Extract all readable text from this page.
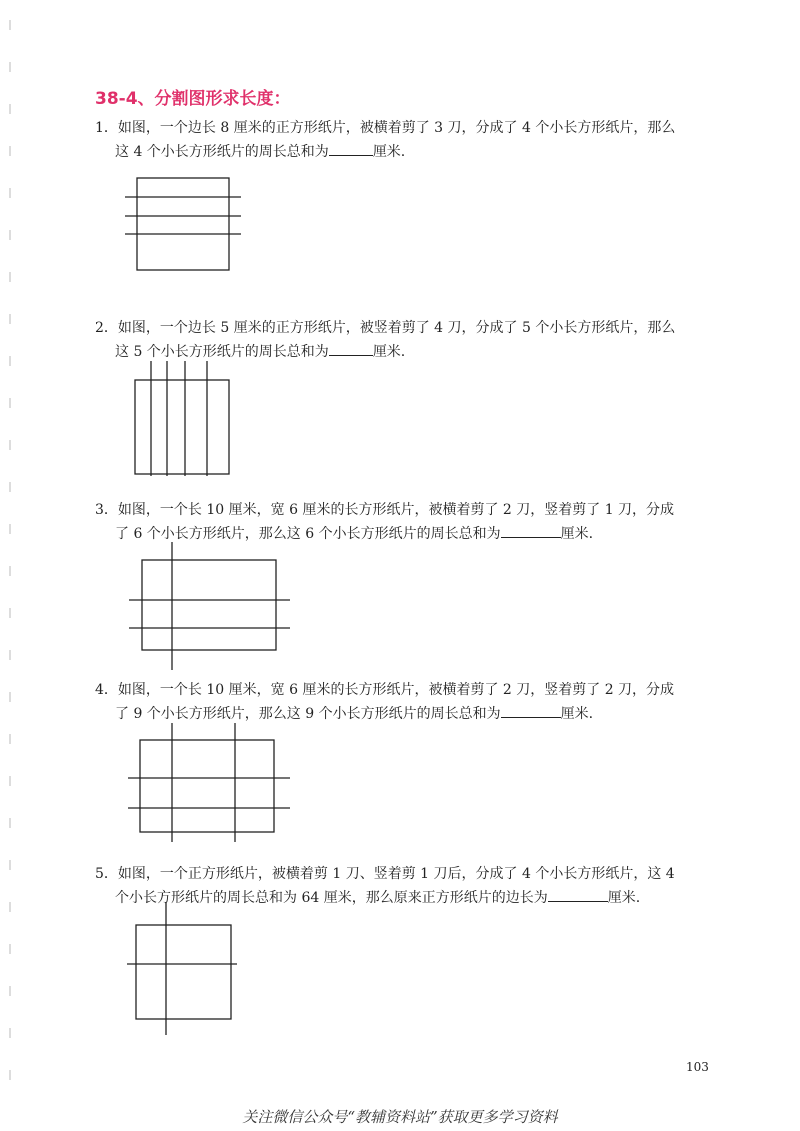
38-4、分割图形求长度：
1．如图，一个边长 8 厘米的正方形纸片，被横着剪了 3 刀，分成了 4 个小长方形纸片，那么
这 4 个小长方形纸片的周长总和为	厘米.
2．如图，一个边长 5 厘米的正方形纸片，被竖着剪了 4 刀，分成了 5 个小长方形纸片，那么
这 5 个小长方形纸片的周长总和为	厘米.
3．如图，一个长 10 厘米，宽 6 厘米的长方形纸片，被横着剪了 2 刀，竖着剪了 1 刀，分成
了 6 个小长方形纸片，那么这 6 个小长方形纸片的周长总和为	厘米.
4．如图，一个长 10 厘米，宽 6 厘米的长方形纸片，被横着剪了 2 刀，竖着剪了 2 刀，分成
了 9 个小长方形纸片，那么这 9 个小长方形纸片的周长总和为	厘米.
5．如图，一个正方形纸片，被横着剪 1 刀、竖着剪 1 刀后，分成了 4 个小长方形纸片，这 4
个小长方形纸片的周长总和为 64 厘米，那么原来正方形纸片的边长为	厘米.
103
关注微信公众号“教辅资料站”获取更多学习资料
